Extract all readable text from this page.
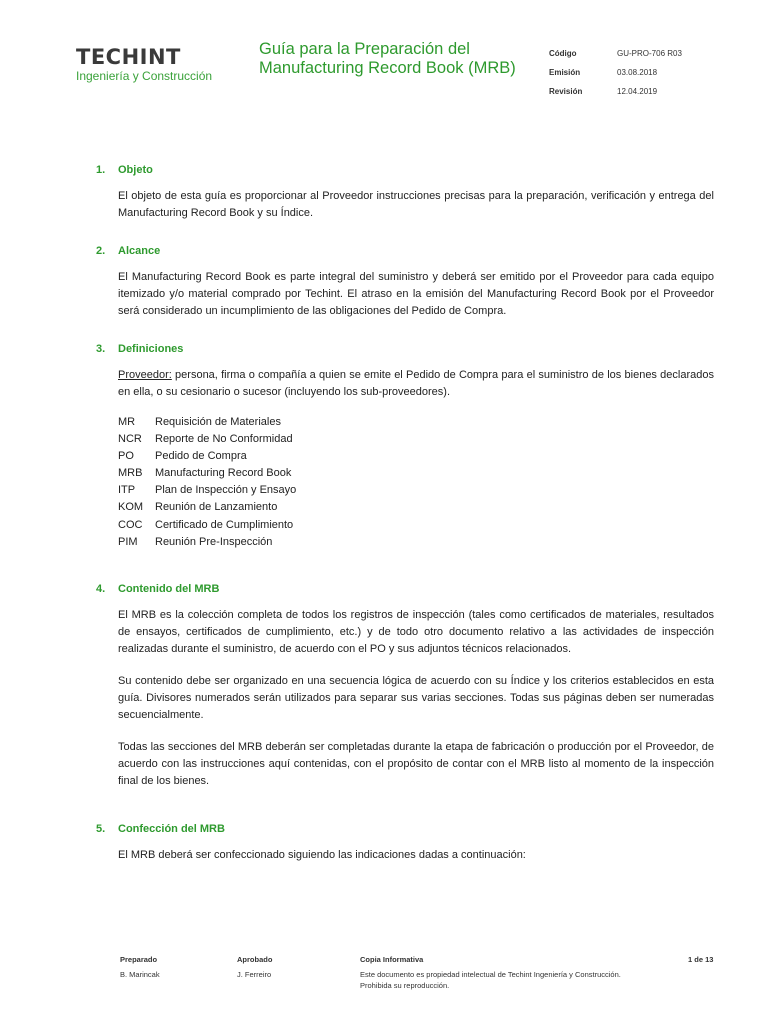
TECHINT
Ingeniería y Construcción
Guía para la Preparación del
Manufacturing Record Book (MRB)
Código	GU-PRO-706 R03
Emisión	03.08.2018
Revisión	12.04.2019
1.	Objeto

El objeto de esta guía es proporcionar al Proveedor instrucciones precisas para la preparación, verificación y entrega del Manufacturing Record Book y su Índice.

2.	Alcance

El Manufacturing Record Book es parte integral del suministro y deberá ser emitido por el Proveedor para cada equipo itemizado y/o material comprado por Techint. El atraso en la emisión del Manufacturing Record Book por el Proveedor será considerado un incumplimiento de las obligaciones del Pedido de Compra.

3.	Definiciones

Proveedor: persona, firma o compañía a quien se emite el Pedido de Compra para el suministro de los bienes declarados en ella, o su cesionario o sucesor (incluyendo los sub-proveedores).

MR	Requisición de Materiales
NCR	Reporte de No Conformidad
PO	Pedido de Compra
MRB	Manufacturing Record Book
ITP	Plan de Inspección y Ensayo
KOM	Reunión de Lanzamiento
COC	Certificado de Cumplimiento
PIM	Reunión Pre-Inspección
4.	Contenido del MRB

El MRB es la colección completa de todos los registros de inspección (tales como certificados de materiales, resultados de ensayos, certificados de cumplimiento, etc.) y de todo otro documento relativo a las actividades de inspección realizadas durante el suministro, de acuerdo con el PO y sus adjuntos técnicos relacionados.

Su contenido debe ser organizado en una secuencia lógica de acuerdo con su Índice y los criterios establecidos en esta guía. Divisores numerados serán utilizados para separar sus varias secciones. Todas sus páginas deben ser numeradas secuencialmente.

Todas las secciones del MRB deberán ser completadas durante la etapa de fabricación o producción por el Proveedor, de acuerdo con las instrucciones aquí contenidas, con el propósito de contar con el MRB listo al momento de la inspección final de los bienes.

5.	Confección del MRB

El MRB deberá ser confeccionado siguiendo las indicaciones dadas a continuación:

Preparado
B. Marincak
Aprobado
J. Ferreiro
Copia Informativa
Este documento es propiedad intelectual de Techint Ingeniería y Construcción.
Prohibida su reproducción.
1 de 13
